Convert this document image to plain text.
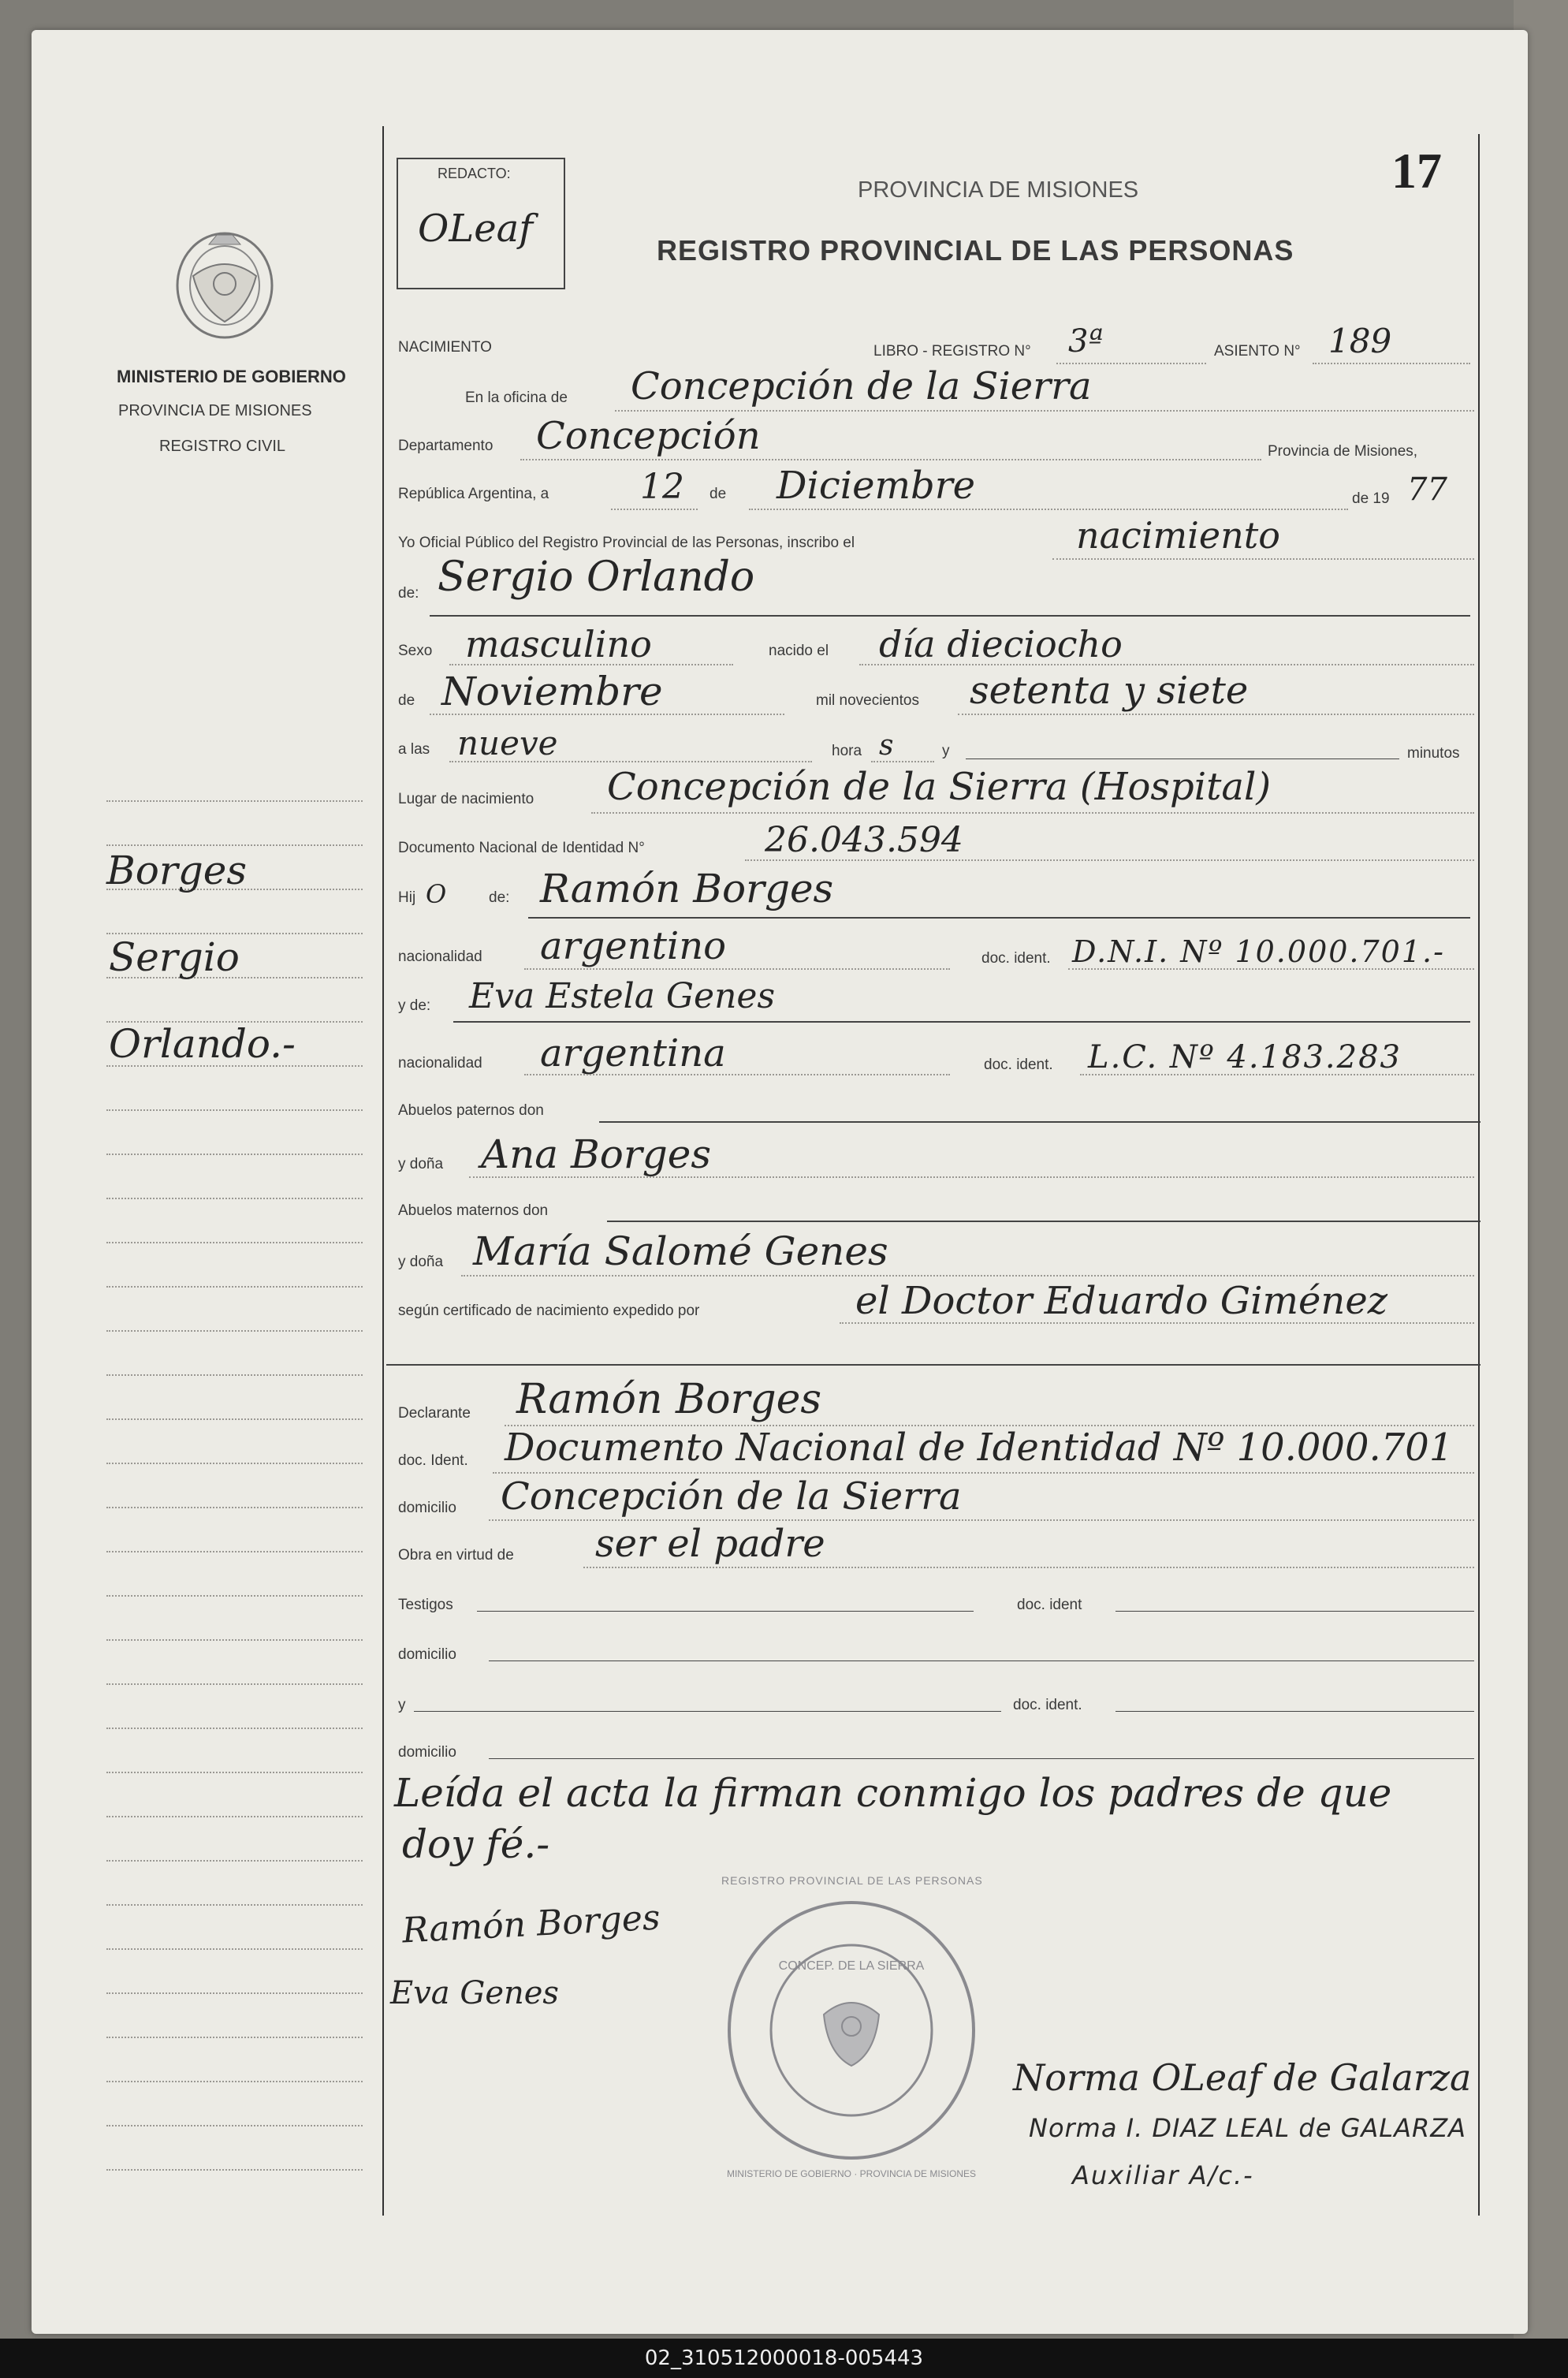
MINISTERIO DE GOBIERNO
PROVINCIA DE MISIONES
REGISTRO CIVIL
Borges
Sergio
Orlando.-
REDACTO:
OLeaf
17
PROVINCIA DE MISIONES
REGISTRO PROVINCIAL DE LAS PERSONAS
NACIMIENTO	LIBRO - REGISTRO N° 3ª	ASIENTO N° 189
En la oficina de Concepción de la Sierra
Departamento Concepción	Provincia de Misiones,
República Argentina, a	12 de Diciembre	de 19 77
Yo Oficial Público del Registro Provincial de las Personas, inscribo el	nacimiento
de: Sergio Orlando
Sexo masculino	nacido el día dieciocho
de Noviembre	mil novecientos setenta y siete
a las nueve	hora s	y	minutos
Lugar de nacimiento Concepción de la Sierra (Hospital)
Documento Nacional de Identidad N°	26.043.594
Hij O	de: Ramón Borges
nacionalidad argentino	doc. ident. D.N.I. Nº 10.000.701.-
y de: Eva Estela Genes
nacionalidad argentina	doc. ident. L.C. Nº 4.183.283
Abuelos paternos don
y doña Ana Borges
Abuelos maternos don
y doña María Salomé Genes
según certificado de nacimiento expedido por	el Doctor Eduardo Giménez
Declarante Ramón Borges
doc. Ident. Documento Nacional de Identidad Nº 10.000.701
domicilio Concepción de la Sierra
Obra en virtud de ser el padre
Testigos	doc. ident
domicilio
y	doc. ident.
domicilio
Leída el acta la firman conmigo los padres de que
doy fé.-
Ramón Borges
Eva Genes
REGISTRO PROVINCIAL DE LAS PERSONAS
CONCEP. DE LA SIERRA
MINISTERIO DE GOBIERNO · PROVINCIA DE MISIONES
Norma OLeaf de Galarza
Norma I. DIAZ LEAL de GALARZA
Auxiliar A/c.-
02_310512000018-005443
